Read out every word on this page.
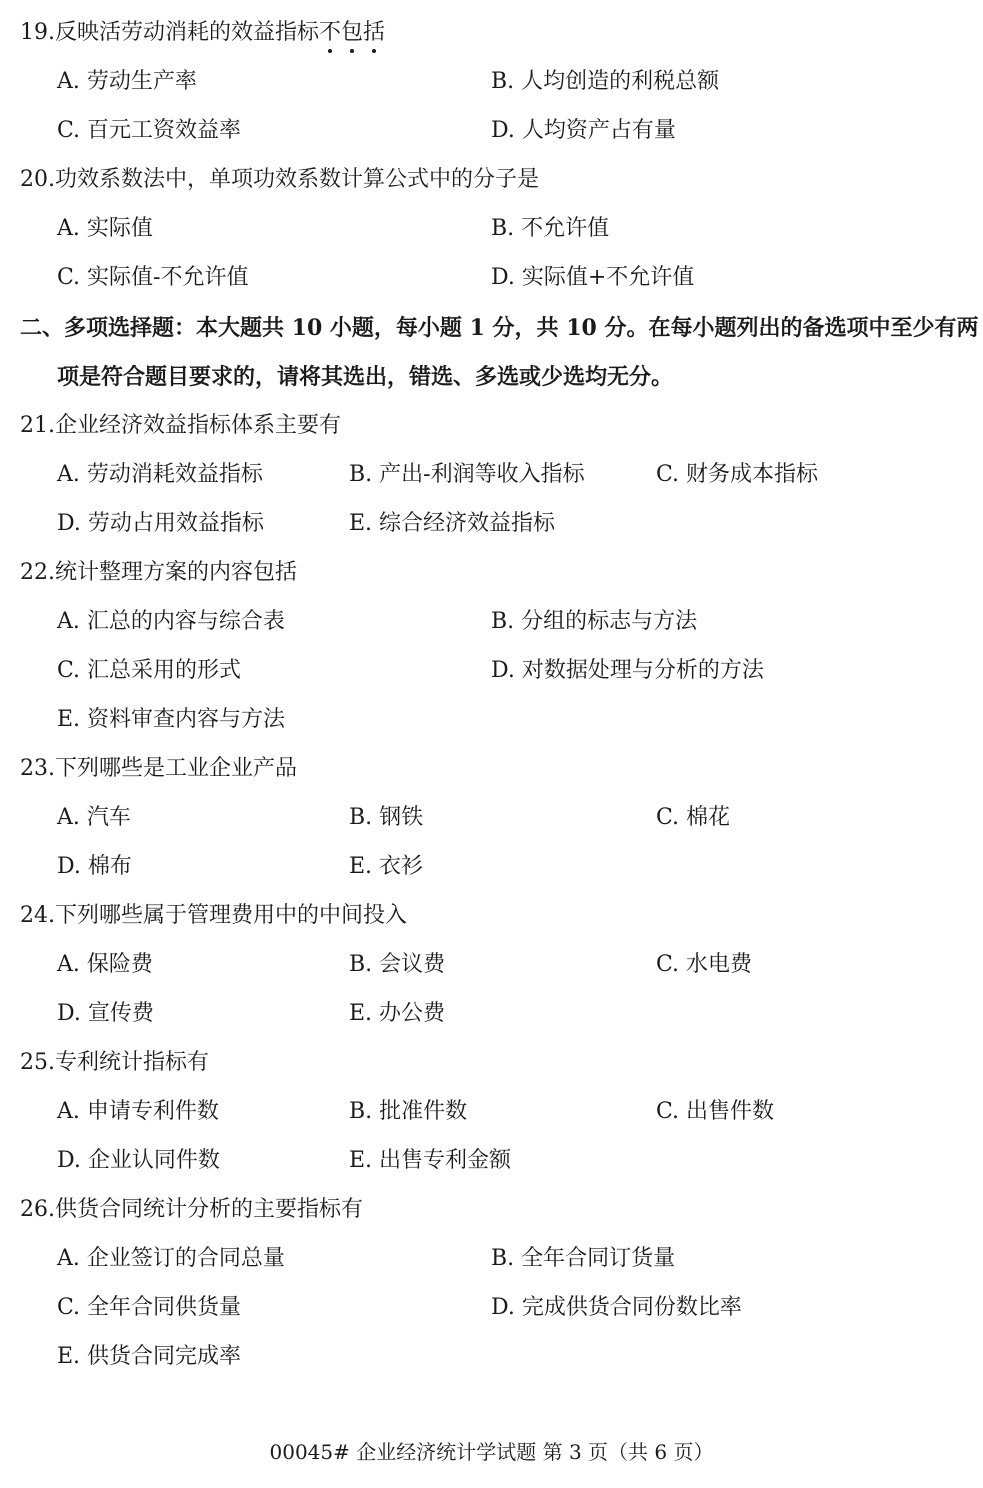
19.反映活劳动消耗的效益指标不
包
括
A. 劳动生产率	B. 人均创造的利税总额
C. 百元工资效益率	D. 人均资产占有量
20.功效系数法中，单项功效系数计算公式中的分子是
A. 实际值	B. 不允许值
C. 实际值-不允许值	D. 实际值+不允许值
二、多项选择题：本大题共 10 小题，每小题 1 分，共 10 分。在每小题列出的备选项中至少有两
项是符合题目要求的，请将其选出，错选、多选或少选均无分。
21.企业经济效益指标体系主要有
A. 劳动消耗效益指标	B. 产出-利润等收入指标	C. 财务成本指标
D. 劳动占用效益指标	E. 综合经济效益指标
22.统计整理方案的内容包括
A. 汇总的内容与综合表	B. 分组的标志与方法
C. 汇总采用的形式	D. 对数据处理与分析的方法
E. 资料审查内容与方法
23.下列哪些是工业企业产品
A. 汽车	B. 钢铁	C. 棉花
D. 棉布	E. 衣衫
24.下列哪些属于管理费用中的中间投入
A. 保险费	B. 会议费	C. 水电费
D. 宣传费	E. 办公费
25.专利统计指标有
A. 申请专利件数	B. 批准件数	C. 出售件数
D. 企业认同件数	E. 出售专利金额
26.供货合同统计分析的主要指标有
A. 企业签订的合同总量	B. 全年合同订货量
C. 全年合同供货量	D. 完成供货合同份数比率
E. 供货合同完成率
00045# 企业经济统计学试题 第 3 页（共 6 页）
